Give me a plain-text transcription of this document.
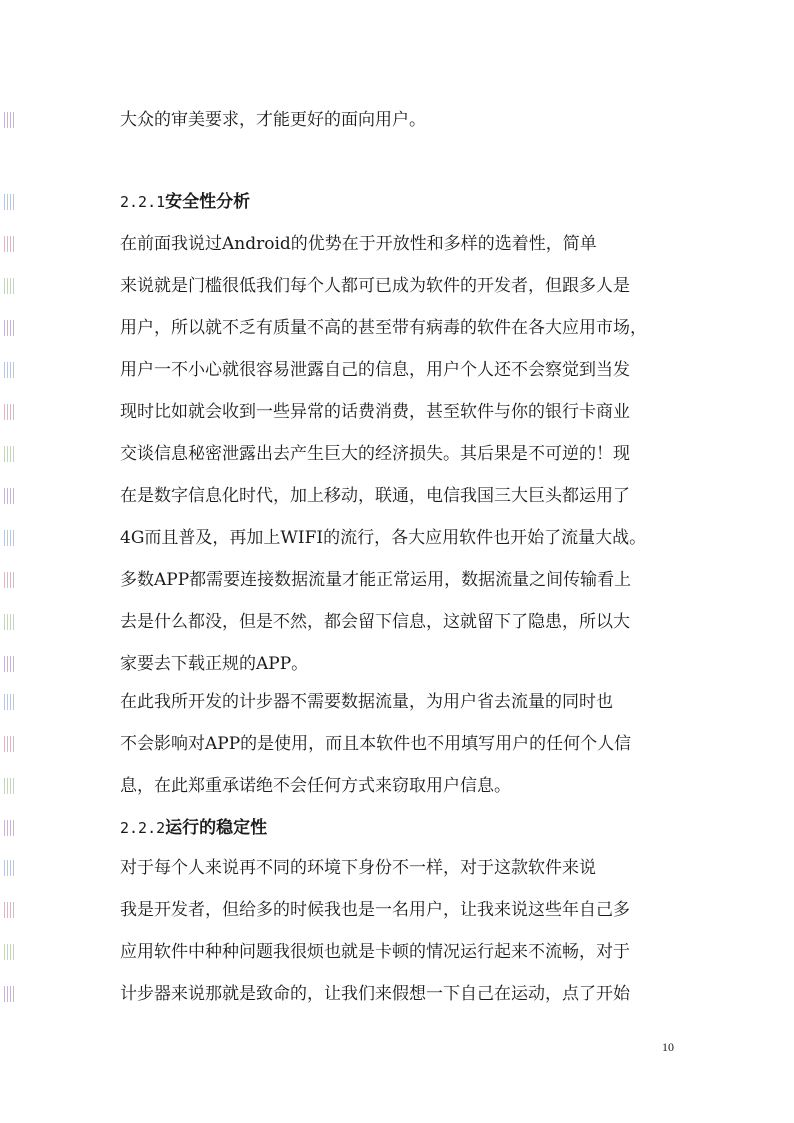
大众的审美要求，才能更好的面向用户。
2.2.1安全性分析
在前面我说过Android的优势在于开放性和多样的选着性，简单
来说就是门槛很低我们每个人都可已成为软件的开发者，但跟多人是
用户，所以就不乏有质量不高的甚至带有病毒的软件在各大应用市场，
用户一不小心就很容易泄露自己的信息，用户个人还不会察觉到当发
现时比如就会收到一些异常的话费消费，甚至软件与你的银行卡商业
交谈信息秘密泄露出去产生巨大的经济损失。其后果是不可逆的！现
在是数字信息化时代，加上移动，联通，电信我国三大巨头都运用了
4G而且普及，再加上WIFI的流行，各大应用软件也开始了流量大战。
多数APP都需要连接数据流量才能正常运用，数据流量之间传输看上
去是什么都没，但是不然，都会留下信息，这就留下了隐患，所以大
家要去下载正规的APP。
在此我所开发的计步器不需要数据流量，为用户省去流量的同时也
不会影响对APP的是使用，而且本软件也不用填写用户的任何个人信
息，在此郑重承诺绝不会任何方式来窃取用户信息。
2.2.2运行的稳定性
对于每个人来说再不同的环境下身份不一样，对于这款软件来说
我是开发者，但给多的时候我也是一名用户，让我来说这些年自己多
应用软件中种种问题我很烦也就是卡顿的情况运行起来不流畅，对于
计步器来说那就是致命的，让我们来假想一下自己在运动，点了开始
10
